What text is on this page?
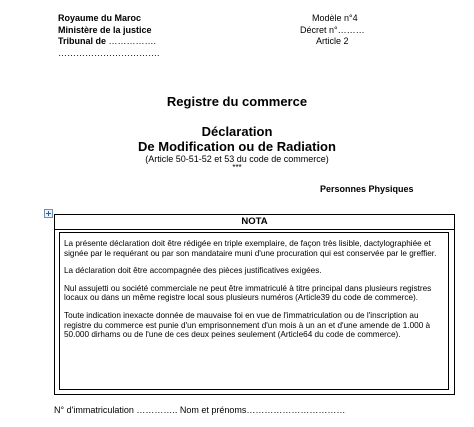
Royaume du Maroc
Ministère de la justice
Tribunal de …………….
…………………………….
Modèle n°4
Décret n°………
Article 2
Registre du commerce
Déclaration
De Modification ou de Radiation
(Article 50-51-52 et 53 du code de commerce)
***
Personnes Physiques
NOTA

La présente déclaration doit être rédigée en triple exemplaire, de façon très lisible, dactylographiée et signée par le requérant ou par son mandataire muni d'une procuration qui est conservée par le greffier.

La déclaration doit être accompagnée des pièces justificatives exigées.

Nul assujetti ou société commerciale ne peut être immatriculé à titre principal dans plusieurs registres locaux ou dans un même registre local sous plusieurs numéros (Article39 du code de commerce).

Toute indication inexacte donnée de mauvaise foi en vue de l'immatriculation ou de l'inscription au registre du commerce est punie d'un emprisonnement d'un mois à un an et d'une amende de 1.000 à 50.000 dirhams ou de l'une de ces deux peines seulement (Article64 du code de commerce).

N° d'immatriculation ………….. Nom et prénoms……………………………
